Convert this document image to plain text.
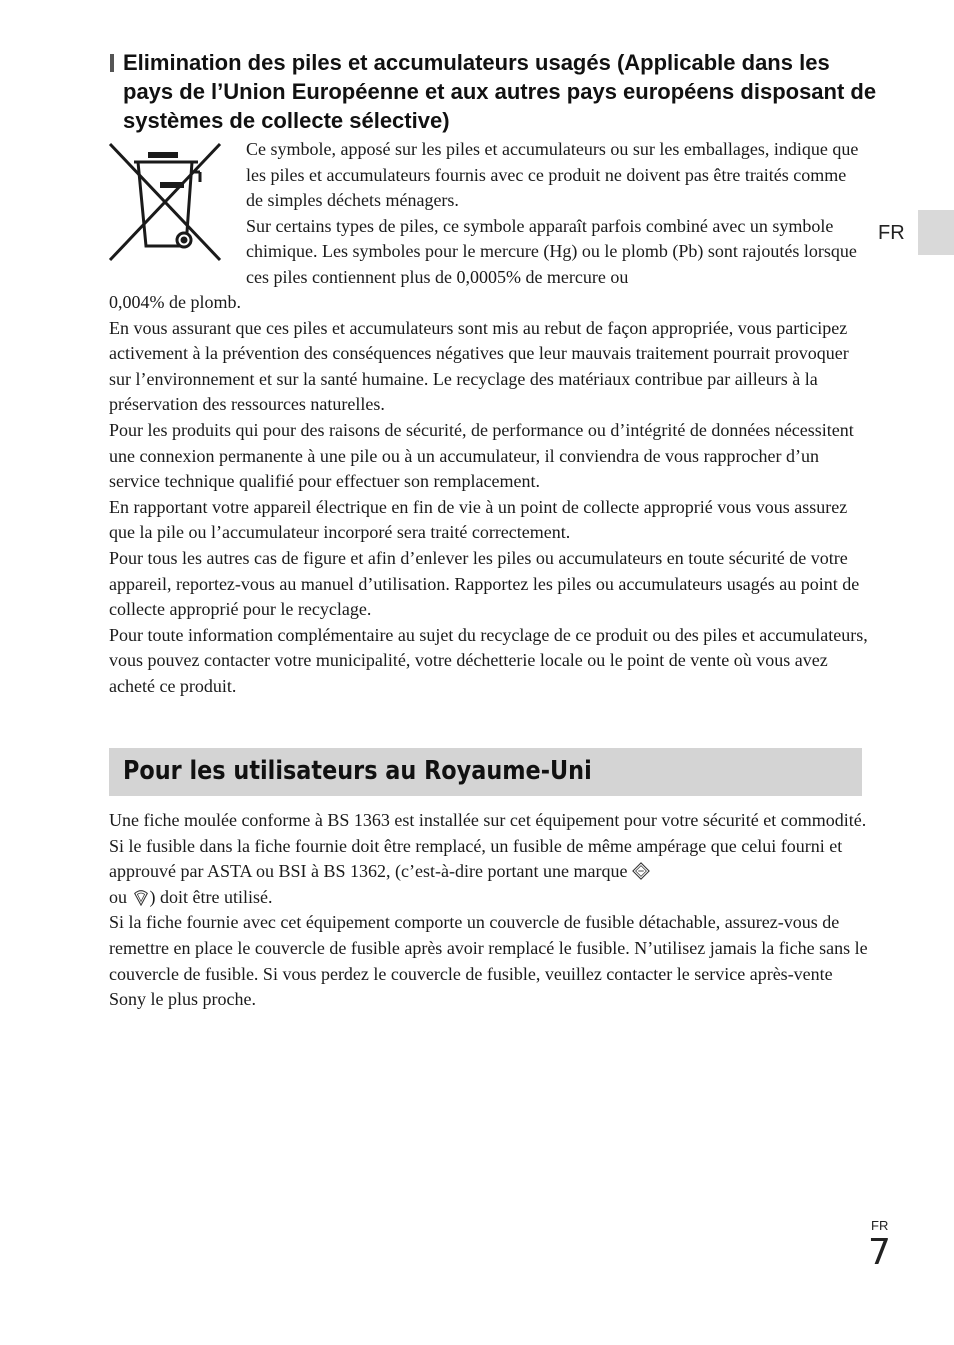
FR
Elimination des piles et accumulateurs usagés (Applicable dans les pays de l’Union Européenne et aux autres pays européens disposant de systèmes de collecte sélective)

Ce symbole, apposé sur les piles et accumulateurs ou sur les emballages, indique que les piles et accumulateurs fournis avec ce produit ne doivent pas être traités comme de simples déchets ménagers.

Sur certains types de piles, ce symbole apparaît parfois combiné avec un symbole chimique. Les symboles pour le mercure (Hg) ou le plomb (Pb) sont rajoutés lorsque ces piles contiennent plus de 0,0005% de mercure ou

0,004% de plomb.

En vous assurant que ces piles et accumulateurs sont mis au rebut de façon appropriée, vous participez activement à la prévention des conséquences négatives que leur mauvais traitement pourrait provoquer sur l’environnement et sur la santé humaine. Le recyclage des matériaux contribue par ailleurs à la préservation des ressources naturelles.

Pour les produits qui pour des raisons de sécurité, de performance ou d’intégrité de données nécessitent une connexion permanente à une pile ou à un accumulateur, il conviendra de vous rapprocher d’un service technique qualifié pour effectuer son remplacement.

En rapportant votre appareil électrique en fin de vie à un point de collecte approprié vous vous assurez que la pile ou l’accumulateur incorporé sera traité correctement.

Pour tous les autres cas de figure et afin d’enlever les piles ou accumulateurs en toute sécurité de votre appareil, reportez-vous au manuel d’utilisation. Rapportez les piles ou accumulateurs usagés au point de collecte approprié pour le recyclage.

Pour toute information complémentaire au sujet du recyclage de ce produit ou des piles et accumulateurs, vous pouvez contacter votre municipalité, votre déchetterie locale ou le point de vente où vous avez acheté ce produit.

Pour les utilisateurs au Royaume-Uni

Une fiche moulée conforme à BS 1363 est installée sur cet équipement pour votre sécurité et commodité.

Si le fusible dans la fiche fournie doit être remplacé, un fusible de même ampérage que celui fourni et approuvé par ASTA ou BSI à BS 1362, (c’est-à-dire portant une marque
ou ) doit être utilisé.

Si la fiche fournie avec cet équipement comporte un couvercle de fusible détachable, assurez-vous de remettre en place le couvercle de fusible après avoir remplacé le fusible. N’utilisez jamais la fiche sans le couvercle de fusible. Si vous perdez le couvercle de fusible, veuillez contacter le service après-vente Sony le plus proche.

FR
7
